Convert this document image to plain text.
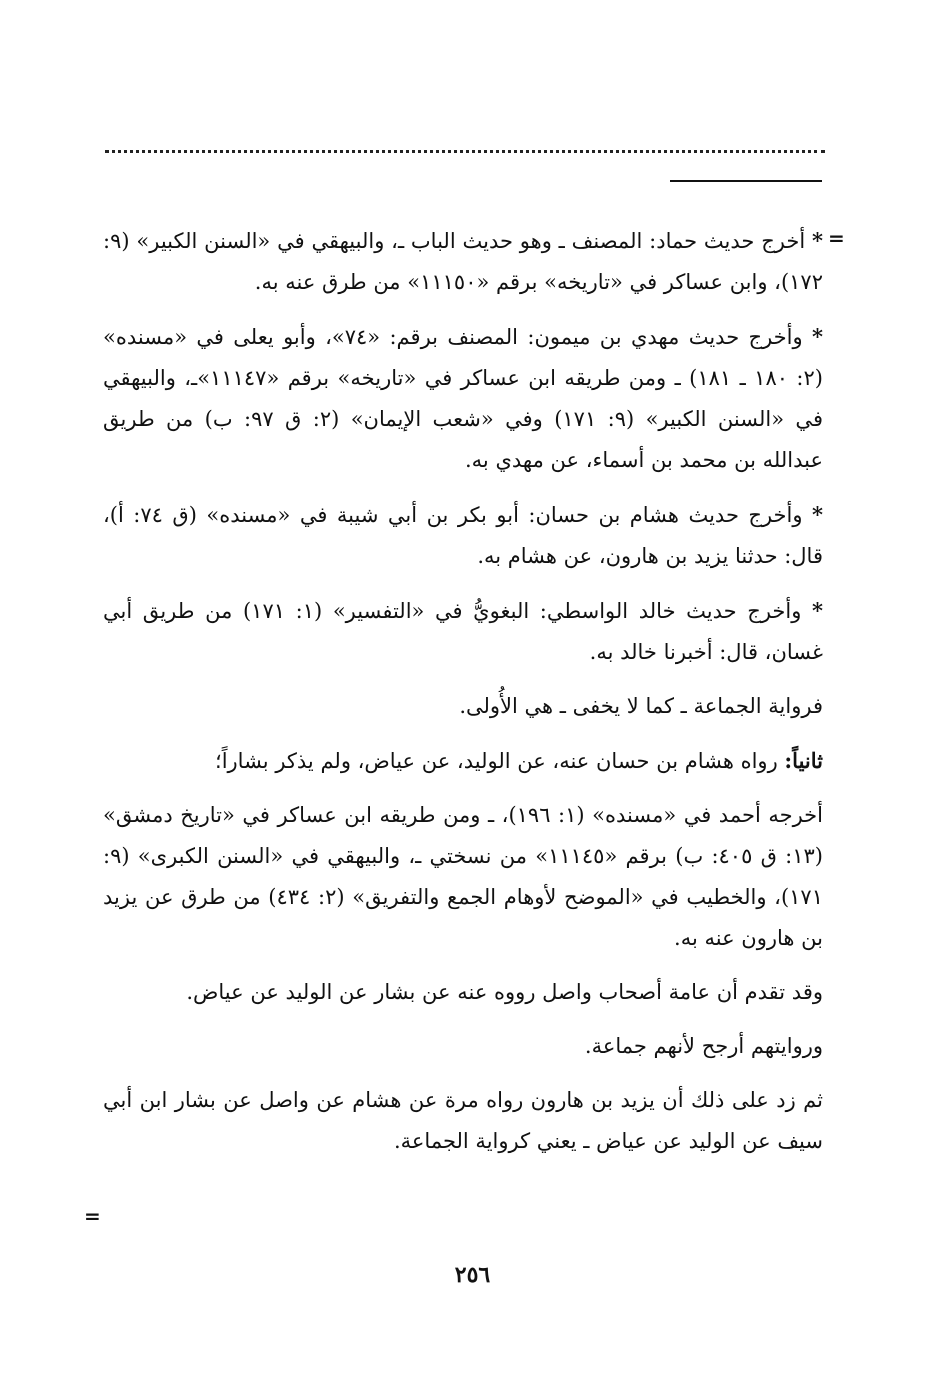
=
=

* أخرج حديث حماد: المصنف ـ وهو حديث الباب ـ، والبيهقي في «السنن الكبير» (٩: ١٧٢)، وابن عساكر في «تاريخه» برقم «١١١٥٠» من طرق عنه به.

* وأخرج حديث مهدي بن ميمون: المصنف برقم: «٧٤»، وأبو يعلى في «مسنده» (٢: ١٨٠ ـ ١٨١) ـ ومن طريقه ابن عساكر في «تاريخه» برقم «١١١٤٧»ـ، والبيهقي في «السنن الكبير» (٩: ١٧١) وفي «شعب الإيمان» (٢: ق ٩٧: ب) من طريق عبدالله بن محمد بن أسماء، عن مهدي به.

* وأخرج حديث هشام بن حسان: أبو بكر بن أبي شيبة في «مسنده» (ق ٧٤: أ)، قال: حدثنا يزيد بن هارون، عن هشام به.

* وأخرج حديث خالد الواسطي: البغويُّ في «التفسير» (١: ١٧١) من طريق أبي غسان، قال: أخبرنا خالد به.

فرواية الجماعة ـ كما لا يخفى ـ هي الأُولى.

ثانياً: رواه هشام بن حسان عنه، عن الوليد، عن عياض، ولم يذكر بشاراً؛

أخرجه أحمد في «مسنده» (١: ١٩٦)، ـ ومن طريقه ابن عساكر في «تاريخ دمشق» (١٣: ق ٤٠٥: ب) برقم «١١١٤٥» من نسختي ـ، والبيهقي في «السنن الكبرى» (٩: ١٧١)، والخطيب في «الموضح لأوهام الجمع والتفريق» (٢: ٤٣٤) من طرق عن يزيد بن هارون عنه به.

وقد تقدم أن عامة أصحاب واصل رووه عنه عن بشار عن الوليد عن عياض.

وروايتهم أرجح لأنهم جماعة.

ثم زد على ذلك أن يزيد بن هارون رواه مرة عن هشام عن واصل عن بشار ابن أبي سيف عن الوليد عن عياض ـ يعني كرواية الجماعة.

٢٥٦
